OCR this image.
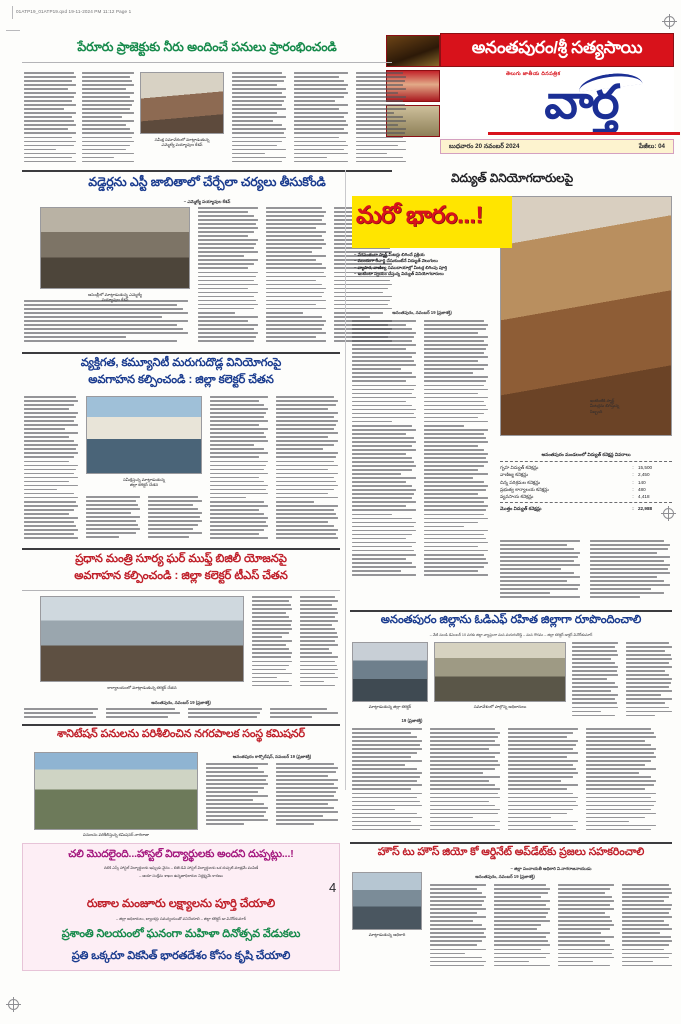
01ATP19_01ATP19.qxd 19-11-2024 PM 11:12 Page 1
అనంతపురం/శ్రీ సత్యసాయి
తెలుగు జాతీయ దినపత్రిక
వార్త
బుధవారం 20 నవంబర్ 2024	పేజీలు: 04
పేరూరు ప్రాజెక్టుకు నీరు అందించే పనులు ప్రారంభించండి
సమీక్ష సమావేశంలో మాట్లాడుతున్న
ఎమ్మెల్యే పయ్యావుల కేశవ్
వడ్డెర్లను ఎస్టీ జాబితాలో చేర్చేలా చర్యలు తీసుకోండి
– ఎమ్మెల్యే పయ్యావుల కేశవ్
అసెంబ్లీలో మాట్లాడుతున్న ఎమ్మెల్యే

వ్యక్తిగత, కమ్యూనిటీ మరుగుదొడ్ల వినియోగంపై
అవగాహన కల్పించండి : జిల్లా కలెక్టర్ చేతన
సమీక్షిస్తున్న మాట్లాడుతున్న
జిల్లా కలెక్టర్ చేతన
ప్రధాన మంత్రి సూర్య ఘర్ ముఫ్త్ బిజిలీ యోజనపై
అవగాహన కల్పించండి : జిల్లా కలెక్టర్ టీఎస్ చేతన
కార్యాలయంలో మాట్లాడుతున్న కలెక్టర్ చేతన
అనంతపురం, నవంబర్ 19 (ప్రజాశక్తి)
శానిటేషన్ పనులను పరిశీలించిన నగరపాలక సంస్థ కమిషనర్
పనులను పరిశీలిస్తున్న కమిషనర్ నాగరాజు
అనంతపురం కార్పొరేషన్, నవంబర్ 19 (ప్రజాశక్తి)
చలి మొదలైంది...హాస్టల్ విద్యార్థులకు అందని దుప్పట్లు...!
నలికి ఎస్సీ హాస్టల్ విద్యార్థులకు ఇప్పుడు వైనం – బిజె డివి హాస్టల్ విద్యార్థులకు ఒక దుప్పటి మాత్రమే పంపిణీ
– ఆయా సంక్షేమ శాఖల ఉన్నతాధికారుల నిర్లక్ష్యమే కారణం
4
రుణాల మంజూరు లక్ష్యాలను పూర్తి చేయాలి
– జిల్లా అధికారులు, బ్యాంకర్లు సమన్వయంతో పనిచేయాలి – జిల్లా కలెక్టర్ డా.వినోద్‌కుమార్
ప్రశాంతి నిలయంలో ఘనంగా మహిళా దినోత్సవ వేడుకలు
ప్రతి ఒక్కరూ వికసిత్ భారతదేశం కోసం కృషి చేయాలి
విద్యుత్ వినియోగదారులపై
మరో భారం...!
– వేగవంతంగా స్మార్ట్ మీటర్లు బిగించే ప్రక్రియ
– ముందుగా రీచార్జి చేసుకుంటేనే విద్యుత్ వెలుగులు
– వ్యాపార, వాణిజ్య సముదాయాల్లో మీటర్ల బిగింపు పూర్తి
– ఇంటింటా స్వయం చేస్తున్న విద్యుత్ వినియోగదారులు
అనంతపురం, నవంబర్ 19 (ప్రజాశక్తి)
ఇంటింటికి స్మార్ట్
మీటర్లను బిగిస్తున్న
సిబ్బంది
అనంతపురం మండలంలో విద్యుత్ కనెక్షన్ల వివరాలు
గృహ విద్యుత్ కనెక్షన్లు	: 15,500
వాణిజ్య కనెక్షన్లు	: 2,450
చిన్న పరిశ్రమల కనెక్షన్లు	: 140
ప్రభుత్వ కార్యాలయ కనెక్షన్లు	: 480
వ్యవసాయ కనెక్షన్లు	: 4,418
మొత్తం విద్యుత్ కనెక్షన్లు	: 22,988
అనంతపురం జిల్లాను ఓడిఎఫ్ రహిత జిల్లాగా రూపొందించాలి
– నేటి నుండి డిసెంబర్ 10 వరకు జిల్లా వ్యాప్తంగా మన మరుగుదొడ్డి – మన గౌరవం – జిల్లా కలెక్టర్ డాక్టర్ వినోద్‌కుమార్
మాట్లాడుతున్న జిల్లా కలెక్టర్	సమావేశంలో పాల్గొన్న అధికారులు
19 (ప్రజాశక్తి)
హౌస్ టు హౌస్ జియో కో ఆర్డినేట్ అప్‌డేట్‌కు ప్రజలు సహకరించాలి
– జిల్లా పంచాయతీ అధికారి వి.నాగరాజనాయుడు
మాట్లాడుతున్న అధికారి
అనంతపురం, నవంబర్ 19 (ప్రజాశక్తి)
